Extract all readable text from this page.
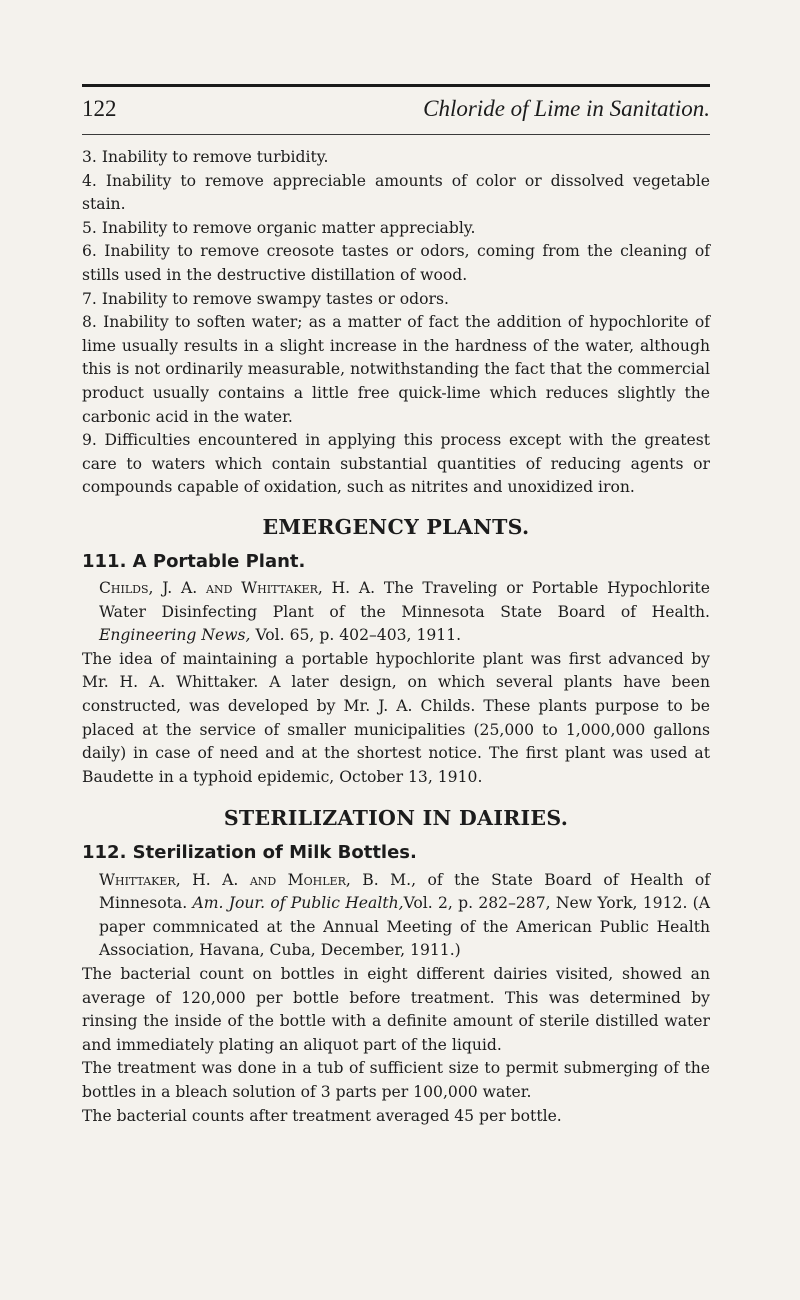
122	Chloride of Lime in Sanitation.

3. Inability to remove turbidity.

4. Inability to remove appreciable amounts of color or dissolved vegetable stain.

5. Inability to remove organic matter appreciably.

6. Inability to remove creosote tastes or odors, coming from the cleaning of stills used in the destructive distillation of wood.

7. Inability to remove swampy tastes or odors.

8. Inability to soften water; as a matter of fact the addition of hypochlorite of lime usually results in a slight increase in the hardness of the water, although this is not ordinarily measurable, notwithstanding the fact that the commercial product usually contains a little free quick-lime which reduces slightly the carbonic acid in the water.

9. Difficulties encountered in applying this process except with the greatest care to waters which contain substantial quantities of reducing agents or compounds capable of oxidation, such as nitrites and unoxidized iron.

EMERGENCY PLANTS.
111. A Portable Plant.

Childs, J. A. and Whittaker, H. A. The Traveling or Portable Hypochlorite Water Disinfecting Plant of the Minnesota State Board of Health. Engineering News, Vol. 65, p. 402–403, 1911.

The idea of maintaining a portable hypochlorite plant was first advanced by Mr. H. A. Whittaker. A later design, on which several plants have been constructed, was developed by Mr. J. A. Childs. These plants purpose to be placed at the service of smaller municipalities (25,000 to 1,000,000 gallons daily) in case of need and at the shortest notice. The first plant was used at Baudette in a typhoid epidemic, October 13, 1910.

STERILIZATION IN DAIRIES.
112. Sterilization of Milk Bottles.

Whittaker, H. A. and Mohler, B. M., of the State Board of Health of Minnesota. Am. Jour. of Public Health,Vol. 2, p. 282–287, New York, 1912. (A paper commnicated at the Annual Meeting of the American Public Health Association, Havana, Cuba, December, 1911.)

The bacterial count on bottles in eight different dairies visited, showed an average of 120,000 per bottle before treatment. This was determined by rinsing the inside of the bottle with a definite amount of sterile distilled water and immediately plating an aliquot part of the liquid.

The treatment was done in a tub of sufficient size to permit submerging of the bottles in a bleach solution of 3 parts per 100,000 water.

The bacterial counts after treatment averaged 45 per bottle.
